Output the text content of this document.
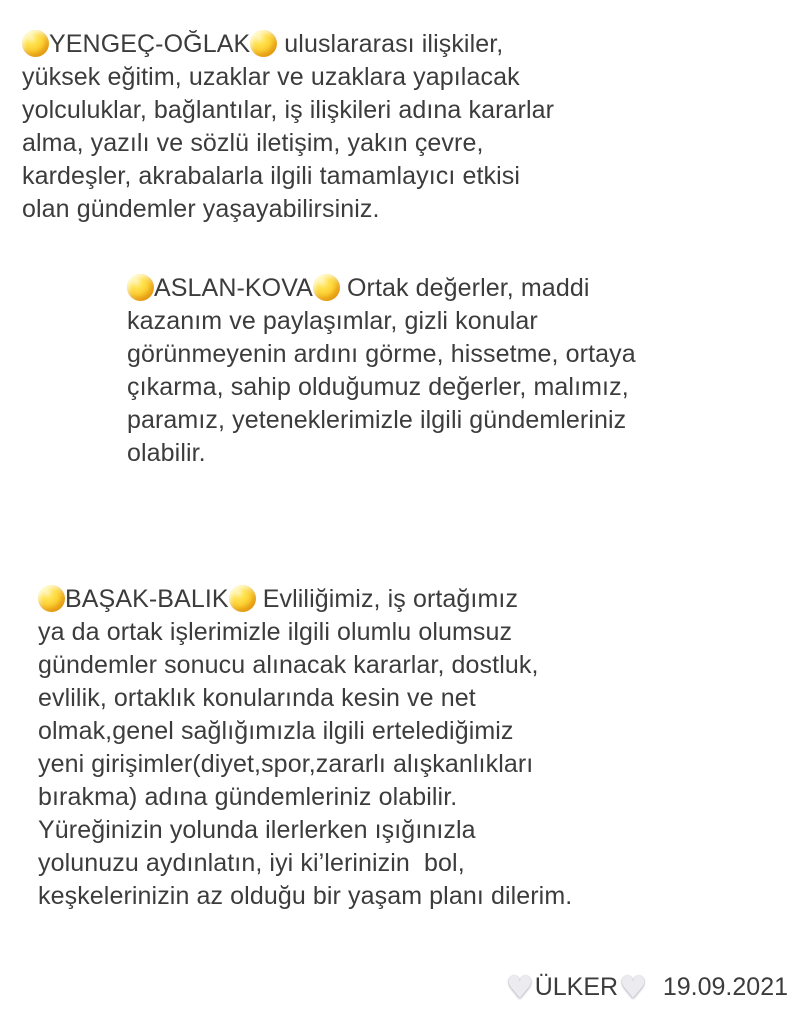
YENGEÇ-OĞLAK uluslararası ilişkiler,
yüksek eğitim, uzaklar ve uzaklara yapılacak
yolculuklar, bağlantılar, iş ilişkileri adına kararlar
alma, yazılı ve sözlü iletişim, yakın çevre,
kardeşler, akrabalarla ilgili tamamlayıcı etkisi
olan gündemler yaşayabilirsiniz.
ASLAN-KOVA Ortak değerler, maddi
kazanım ve paylaşımlar, gizli konular
görünmeyenin ardını görme, hissetme, ortaya
çıkarma, sahip olduğumuz değerler, malımız,
paramız, yeteneklerimizle ilgili gündemleriniz
olabilir.
BAŞAK-BALIK Evliliğimiz, iş ortağımız
ya da ortak işlerimizle ilgili olumlu olumsuz
gündemler sonucu alınacak kararlar, dostluk,
evlilik, ortaklık konularında kesin ve net
olmak,genel sağlığımızla ilgili ertelediğimiz
yeni girişimler(diyet,spor,zararlı alışkanlıkları
bırakma) adına gündemleriniz olabilir.
Yüreğinizin yolunda ilerlerken ışığınızla
yolunuzu aydınlatın, iyi ki’lerinizin  bol,
keşkelerinizin az olduğu bir yaşam planı dilerim.
♥ÜLKER♥ 19.09.2021
